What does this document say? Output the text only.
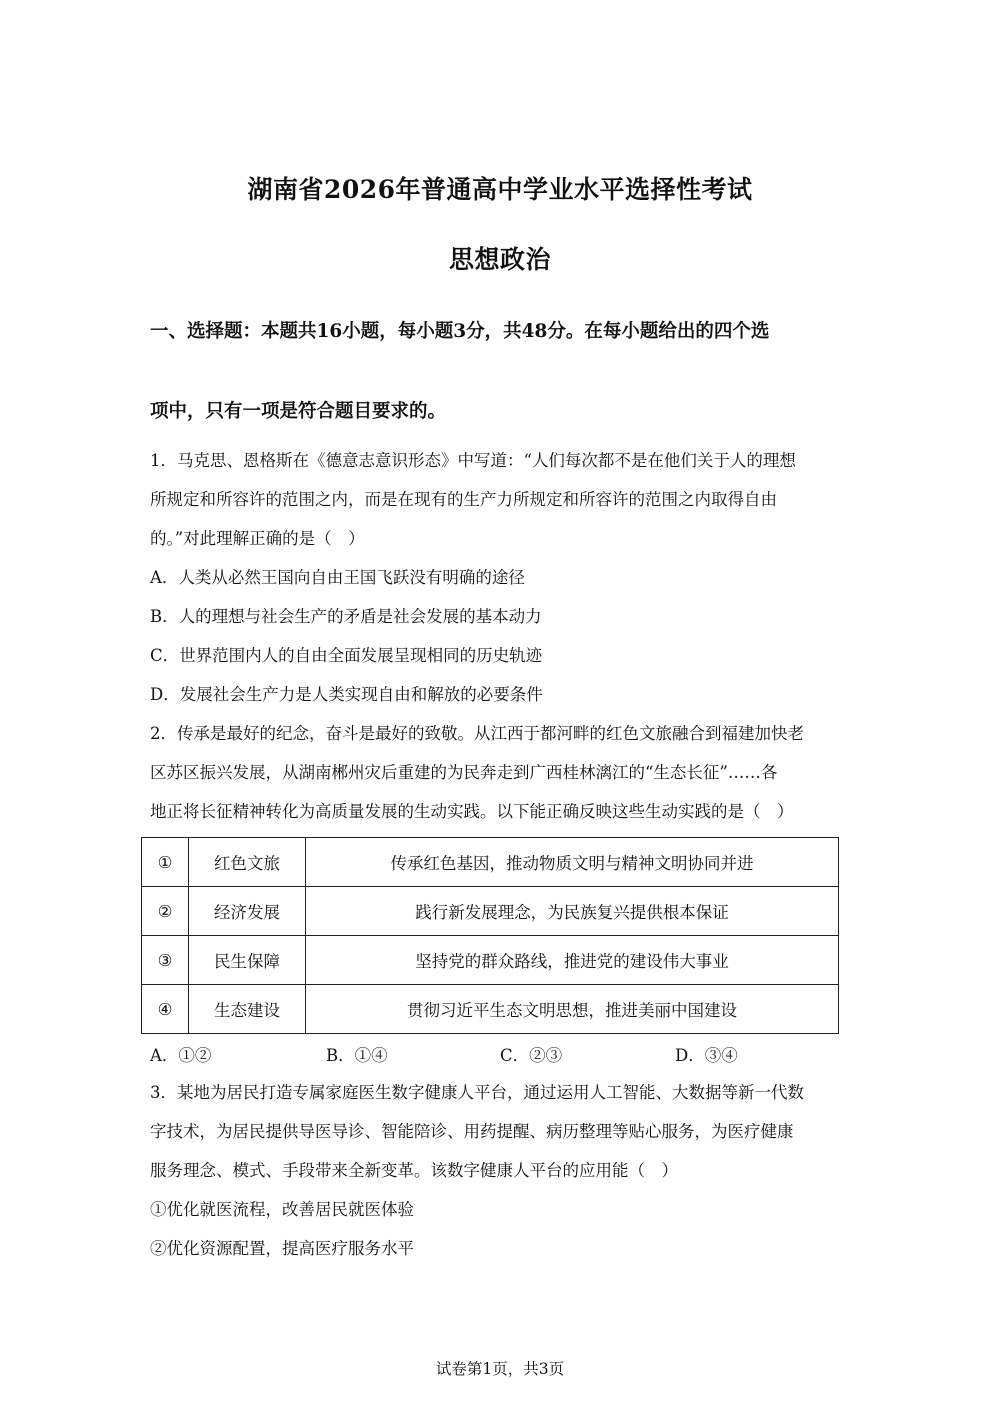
湖南省2026年普通高中学业水平选择性考试
思想政治
一、选择题：本题共16小题，每小题3分，共48分。在每小题给出的四个选
项中，只有一项是符合题目要求的。
1．马克思、恩格斯在《德意志意识形态》中写道：“人们每次都不是在他们关于人的理想
所规定和所容许的范围之内，而是在现有的生产力所规定和所容许的范围之内取得自由
的。”对此理解正确的是（　）
A．人类从必然王国向自由王国飞跃没有明确的途径
B．人的理想与社会生产的矛盾是社会发展的基本动力
C．世界范围内人的自由全面发展呈现相同的历史轨迹
D．发展社会生产力是人类实现自由和解放的必要条件
2．传承是最好的纪念，奋斗是最好的致敬。从江西于都河畔的红色文旅融合到福建加快老
区苏区振兴发展，从湖南郴州灾后重建的为民奔走到广西桂林漓江的“生态长征”……各
地正将长征精神转化为高质量发展的生动实践。以下能正确反映这些生动实践的是（　）
①	红色文旅	传承红色基因，推动物质文明与精神文明协同并进
②	经济发展	践行新发展理念，为民族复兴提供根本保证
③	民生保障	坚持党的群众路线，推进党的建设伟大事业
④	生态建设	贯彻习近平生态文明思想，推进美丽中国建设
A．①②	B．①④	C．②③	D．③④
3．某地为居民打造专属家庭医生数字健康人平台，通过运用人工智能、大数据等新一代数
字技术，为居民提供导医导诊、智能陪诊、用药提醒、病历整理等贴心服务，为医疗健康
服务理念、模式、手段带来全新变革。该数字健康人平台的应用能（　）
①优化就医流程，改善居民就医体验
②优化资源配置，提高医疗服务水平
试卷第1页，共3页
